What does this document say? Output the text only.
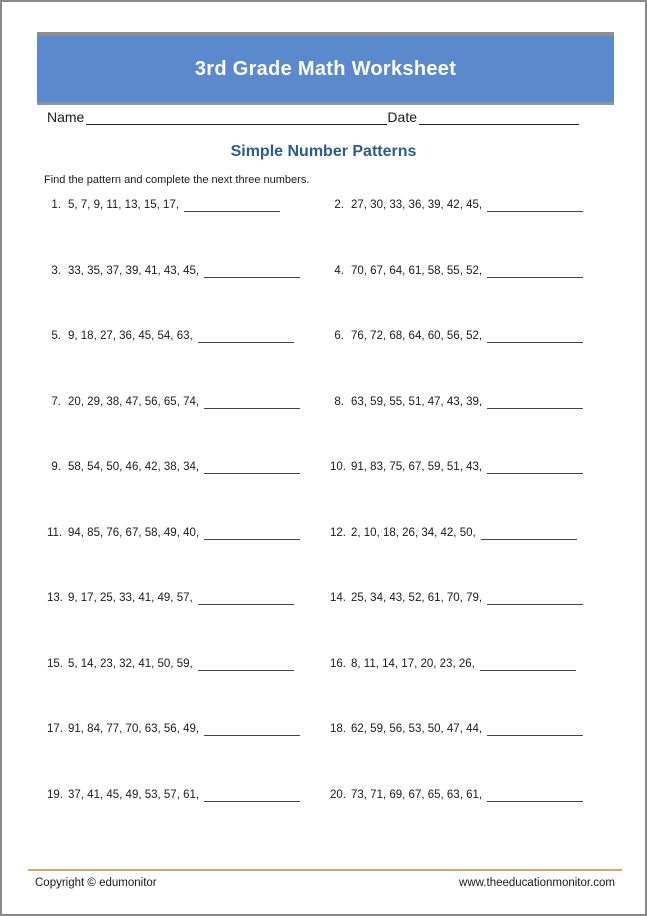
3rd Grade Math Worksheet
Name	Date
Simple Number Patterns
Find the pattern and complete the next three numbers.
1. 5, 7, 9, 11, 13, 15, 17,	2. 27, 30, 33, 36, 39, 42, 45,
3. 33, 35, 37, 39, 41, 43, 45,	4. 70, 67, 64, 61, 58, 55, 52,
5. 9, 18, 27, 36, 45, 54, 63,	6. 76, 72, 68, 64, 60, 56, 52,
7. 20, 29, 38, 47, 56, 65, 74,	8. 63, 59, 55, 51, 47, 43, 39,
9. 58, 54, 50, 46, 42, 38, 34,	10. 91, 83, 75, 67, 59, 51, 43,
11. 94, 85, 76, 67, 58, 49, 40,	12. 2, 10, 18, 26, 34, 42, 50,
13. 9, 17, 25, 33, 41, 49, 57,	14. 25, 34, 43, 52, 61, 70, 79,
15. 5, 14, 23, 32, 41, 50, 59,	16. 8, 11, 14, 17, 20, 23, 26,
17. 91, 84, 77, 70, 63, 56, 49,	18. 62, 59, 56, 53, 50, 47, 44,
19. 37, 41, 45, 49, 53, 57, 61,	20. 73, 71, 69, 67, 65, 63, 61,
Copyright © edumonitor	www.theeducationmonitor.com
